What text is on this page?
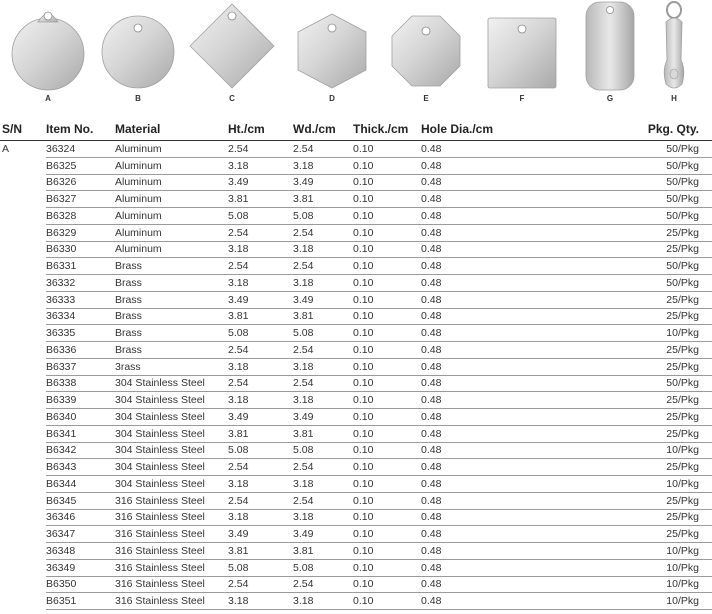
A	B	C	D	E	F	G	H
S/N	Item No.	Material	Ht./cm	Wd./cm	Thick./cm	Hole Dia./cm	Pkg. Qty.
A	36324	Aluminum	2.54	2.54	0.10	0.48	50/Pkg
	B6325	Aluminum	3.18	3.18	0.10	0.48	50/Pkg
	B6326	Aluminum	3.49	3.49	0.10	0.48	50/Pkg
	B6327	Aluminum	3.81	3.81	0.10	0.48	50/Pkg
	B6328	Aluminum	5.08	5.08	0.10	0.48	50/Pkg
	B6329	Aluminum	2.54	2.54	0.10	0.48	25/Pkg
	B6330	Aluminum	3.18	3.18	0.10	0.48	25/Pkg
	B6331	Brass	2.54	2.54	0.10	0.48	50/Pkg
	36332	Brass	3.18	3.18	0.10	0.48	50/Pkg
	36333	Brass	3.49	3.49	0.10	0.48	25/Pkg
	36334	Brass	3.81	3.81	0.10	0.48	25/Pkg
	36335	Brass	5.08	5.08	0.10	0.48	10/Pkg
	B6336	Brass	2.54	2.54	0.10	0.48	25/Pkg
	B6337	3rass	3.18	3.18	0.10	0.48	25/Pkg
	B6338	304 Stainless Steel	2.54	2.54	0.10	0.48	50/Pkg
	B6339	304 Stainless Steel	3.18	3.18	0.10	0.48	25/Pkg
	B6340	304 Stainless Steel	3.49	3.49	0.10	0.48	25/Pkg
	B6341	304 Stainless Steel	3.81	3.81	0.10	0.48	25/Pkg
	B6342	304 Stainless Steel	5.08	5.08	0.10	0.48	10/Pkg
	B6343	304 Stainless Steel	2.54	2.54	0.10	0.48	25/Pkg
	B6344	304 Stainless Steel	3.18	3.18	0.10	0.48	10/Pkg
	B6345	316 Stainless Steel	2.54	2.54	0.10	0.48	25/Pkg
	36346	316 Stainless Steel	3.18	3.18	0.10	0.48	25/Pkg
	36347	316 Stainless Steel	3.49	3.49	0.10	0.48	25/Pkg
	36348	316 Stainless Steel	3.81	3.81	0.10	0.48	10/Pkg
	36349	316 Stainless Steel	5.08	5.08	0.10	0.48	10/Pkg
	B6350	316 Stainless Steel	2.54	2.54	0.10	0.48	10/Pkg
	B6351	316 Stainless Steel	3.18	3.18	0.10	0.48	10/Pkg
